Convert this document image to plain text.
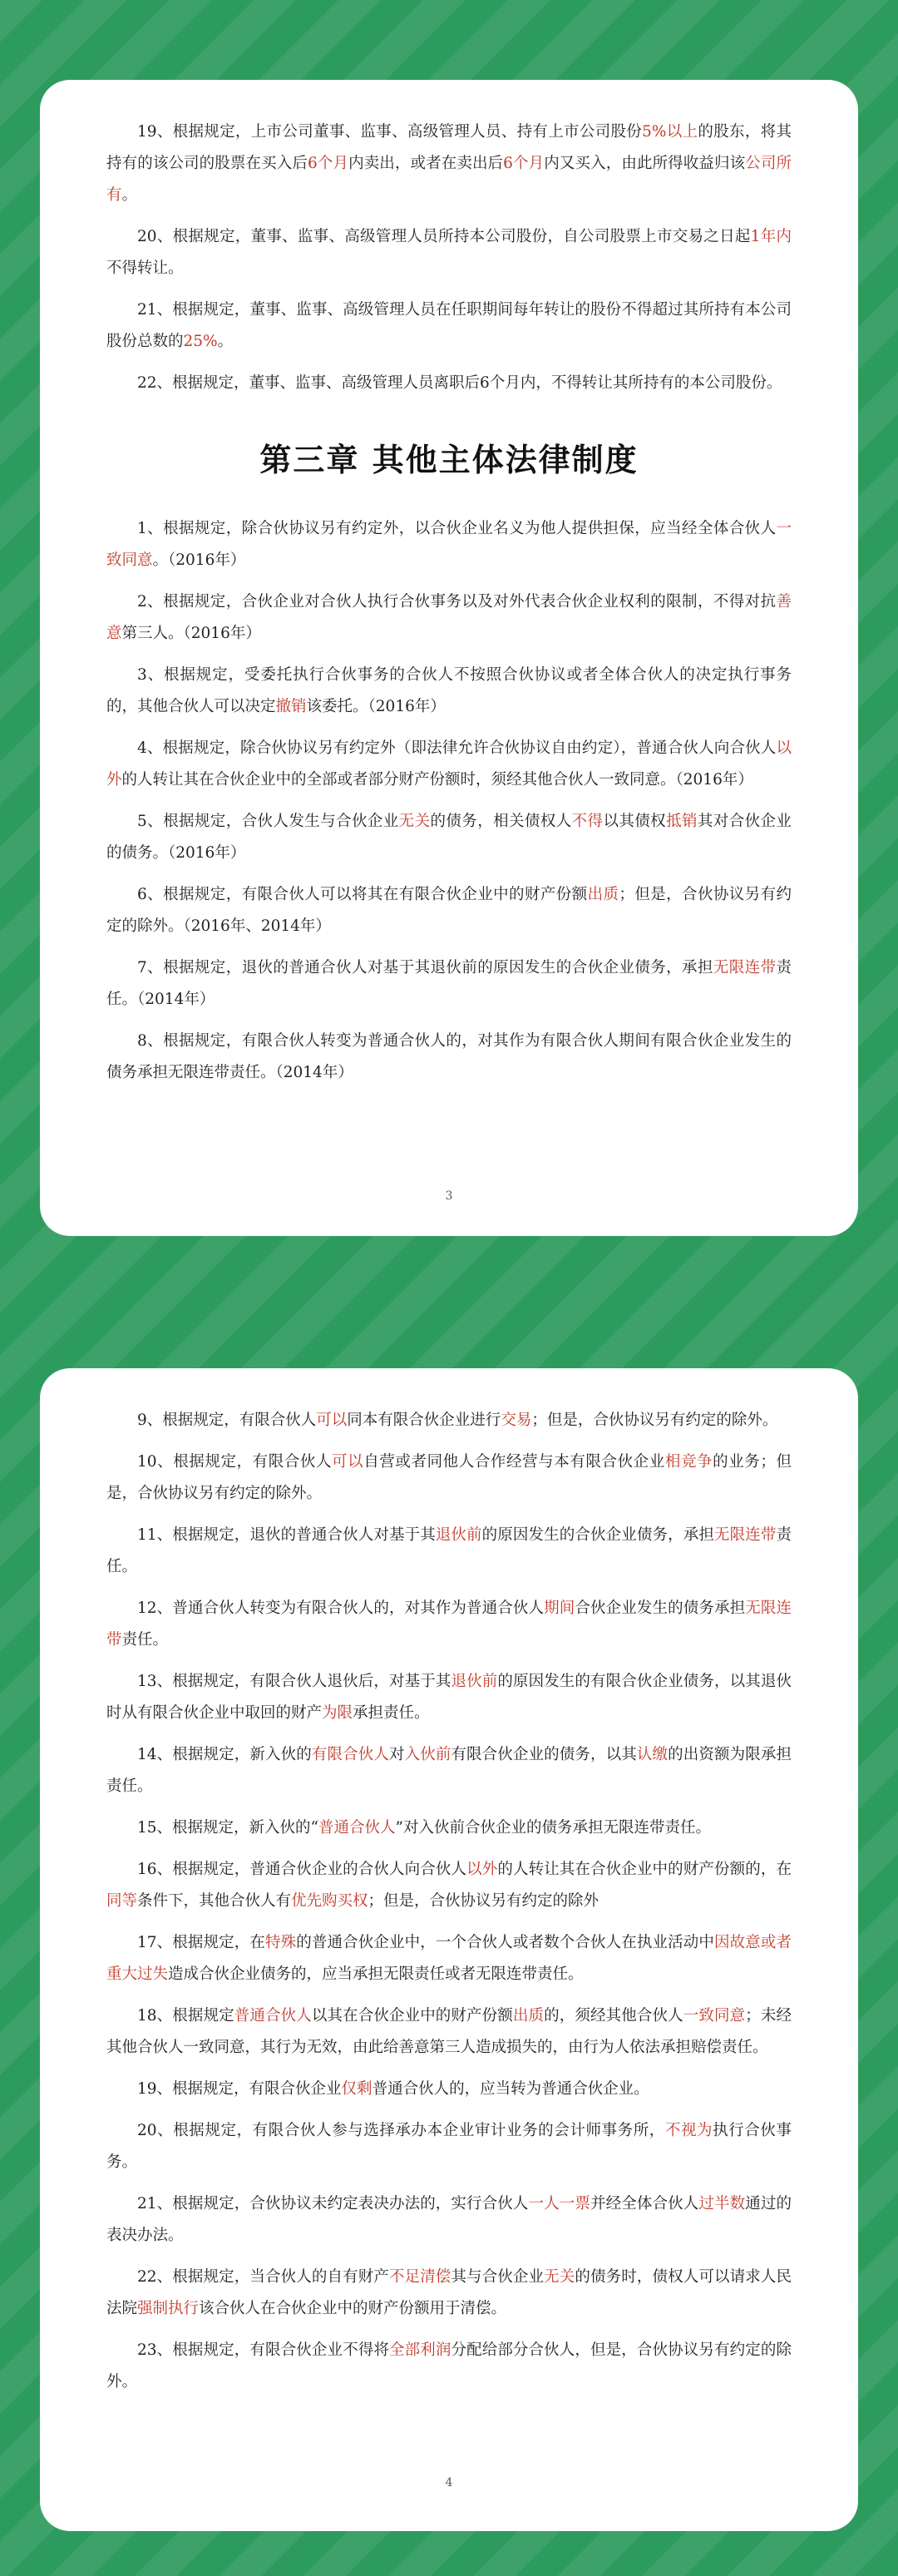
19、根据规定，上市公司董事、监事、高级管理人员、持有上市公司股份5%以上的股东，将其持有的该公司的股票在买入后6个月内卖出，或者在卖出后6个月内又买入，由此所得收益归该公司所有。

20、根据规定，董事、监事、高级管理人员所持本公司股份，自公司股票上市交易之日起1年内不得转让。

21、根据规定，董事、监事、高级管理人员在任职期间每年转让的股份不得超过其所持有本公司股份总数的25%。

22、根据规定，董事、监事、高级管理人员离职后6个月内，不得转让其所持有的本公司股份。

第三章 其他主体法律制度

1、根据规定，除合伙协议另有约定外，以合伙企业名义为他人提供担保，应当经全体合伙人一致同意。（2016年）

2、根据规定，合伙企业对合伙人执行合伙事务以及对外代表合伙企业权利的限制，不得对抗善意第三人。（2016年）

3、根据规定，受委托执行合伙事务的合伙人不按照合伙协议或者全体合伙人的决定执行事务的，其他合伙人可以决定撤销该委托。（2016年）

4、根据规定，除合伙协议另有约定外（即法律允许合伙协议自由约定），普通合伙人向合伙人以外的人转让其在合伙企业中的全部或者部分财产份额时，须经其他合伙人一致同意。（2016年）

5、根据规定，合伙人发生与合伙企业无关的债务，相关债权人不得以其债权抵销其对合伙企业的债务。（2016年）

6、根据规定，有限合伙人可以将其在有限合伙企业中的财产份额出质；但是，合伙协议另有约定的除外。（2016年、2014年）

7、根据规定，退伙的普通合伙人对基于其退伙前的原因发生的合伙企业债务，承担无限连带责任。（2014年）

8、根据规定，有限合伙人转变为普通合伙人的，对其作为有限合伙人期间有限合伙企业发生的债务承担无限连带责任。（2014年）

3

9、根据规定，有限合伙人可以同本有限合伙企业进行交易；但是，合伙协议另有约定的除外。

10、根据规定，有限合伙人可以自营或者同他人合作经营与本有限合伙企业相竞争的业务；但是，合伙协议另有约定的除外。

11、根据规定，退伙的普通合伙人对基于其退伙前的原因发生的合伙企业债务，承担无限连带责任。

12、普通合伙人转变为有限合伙人的，对其作为普通合伙人期间合伙企业发生的债务承担无限连带责任。

13、根据规定，有限合伙人退伙后，对基于其退伙前的原因发生的有限合伙企业债务，以其退伙时从有限合伙企业中取回的财产为限承担责任。

14、根据规定，新入伙的有限合伙人对入伙前有限合伙企业的债务，以其认缴的出资额为限承担责任。

15、根据规定，新入伙的“普通合伙人”对入伙前合伙企业的债务承担无限连带责任。

16、根据规定，普通合伙企业的合伙人向合伙人以外的人转让其在合伙企业中的财产份额的，在同等条件下，其他合伙人有优先购买权；但是，合伙协议另有约定的除外

17、根据规定，在特殊的普通合伙企业中，一个合伙人或者数个合伙人在执业活动中因故意或者重大过失造成合伙企业债务的，应当承担无限责任或者无限连带责任。

18、根据规定普通合伙人以其在合伙企业中的财产份额出质的，须经其他合伙人一致同意；未经其他合伙人一致同意，其行为无效，由此给善意第三人造成损失的，由行为人依法承担赔偿责任。

19、根据规定，有限合伙企业仅剩普通合伙人的，应当转为普通合伙企业。

20、根据规定，有限合伙人参与选择承办本企业审计业务的会计师事务所，不视为执行合伙事务。

21、根据规定，合伙协议未约定表决办法的，实行合伙人一人一票并经全体合伙人过半数通过的表决办法。

22、根据规定，当合伙人的自有财产不足清偿其与合伙企业无关的债务时，债权人可以请求人民法院强制执行该合伙人在合伙企业中的财产份额用于清偿。

23、根据规定，有限合伙企业不得将全部利润分配给部分合伙人，但是，合伙协议另有约定的除外。

4
